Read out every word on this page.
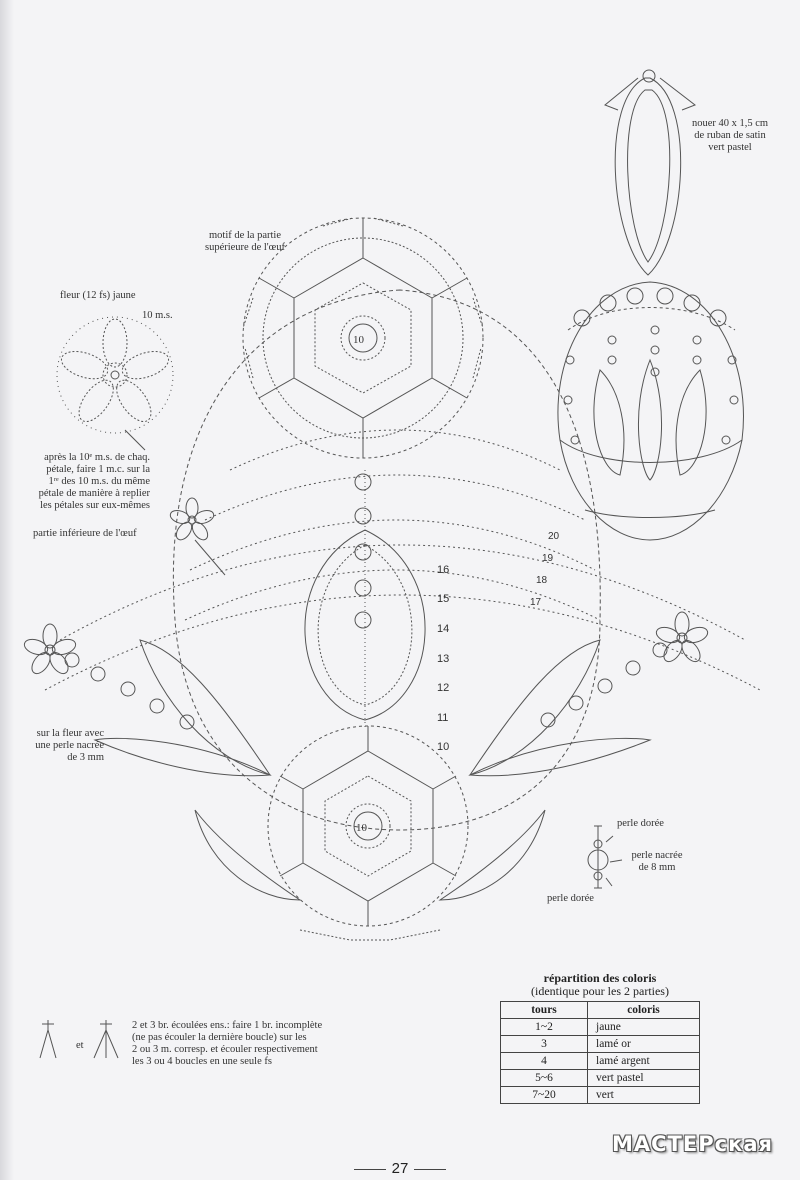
10
10

16

15

14

13

12

11

10

20

19

18

17

motif de la partie
supérieure de l'œuf
fleur (12 fs) jaune
10 m.s.
après la 10ᵉ m.s. de chaq.
pétale, faire 1 m.c. sur la
1ʳᵉ des 10 m.s. du même
pétale de manière à replier
les pétales sur eux-mêmes
partie inférieure de l'œuf
sur la fleur avec
une perle nacrée
de 3 mm
nouer 40 x 1,5 cm
de ruban de satin
vert pastel
perle dorée
perle nacrée
de 8 mm
perle dorée
et
2 et 3 br. écoulées ens.: faire 1 br. incomplète
(ne pas écouler la dernière boucle) sur les
2 ou 3 m. corresp. et écouler respectivement
les 3 ou 4 boucles en une seule fs
répartition des coloris
(identique pour les 2 parties)
tours	coloris
1~2	jaune
3	lamé or
4	lamé argent
5~6	vert pastel
7~20	vert
27
МАСТЕРская
